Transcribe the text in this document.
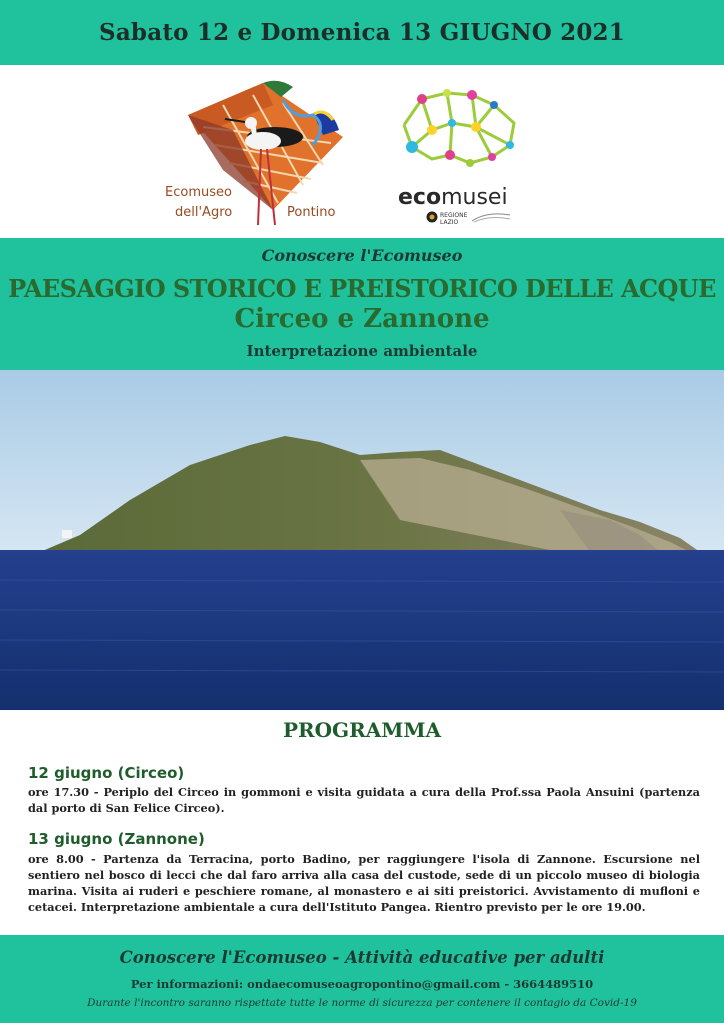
Sabato 12 e Domenica 13 GIUGNO 2021
Ecomuseo
dell'Agro	Pontino
ecomusei
REGIONE
LAZIO
Conoscere l'Ecomuseo
PAESAGGIO STORICO E PREISTORICO DELLE ACQUE
Circeo e Zannone
Interpretazione ambientale
PROGRAMMA
12 giugno (Circeo)
ore 17.30 - Periplo del Circeo in gommoni e visita guidata a cura della Prof.ssa Paola Ansuini (partenza dal porto di San Felice Circeo).
13 giugno (Zannone)
ore 8.00 - Partenza da Terracina, porto Badino, per raggiungere l'isola di Zannone. Escursione nel sentiero nel bosco di lecci che dal faro arriva alla casa del custode, sede di un piccolo museo di biologia marina. Visita ai ruderi e peschiere romane, al monastero e ai siti preistorici. Avvistamento di mufloni e cetacei. Interpretazione ambientale a cura dell'Istituto Pangea. Rientro previsto per le ore 19.00.
Conoscere l'Ecomuseo - Attività educative per adulti
Per informazioni: ondaecomuseoagropontino@gmail.com - 3664489510
Durante l'incontro saranno rispettate tutte le norme di sicurezza per contenere il contagio da Covid-19
